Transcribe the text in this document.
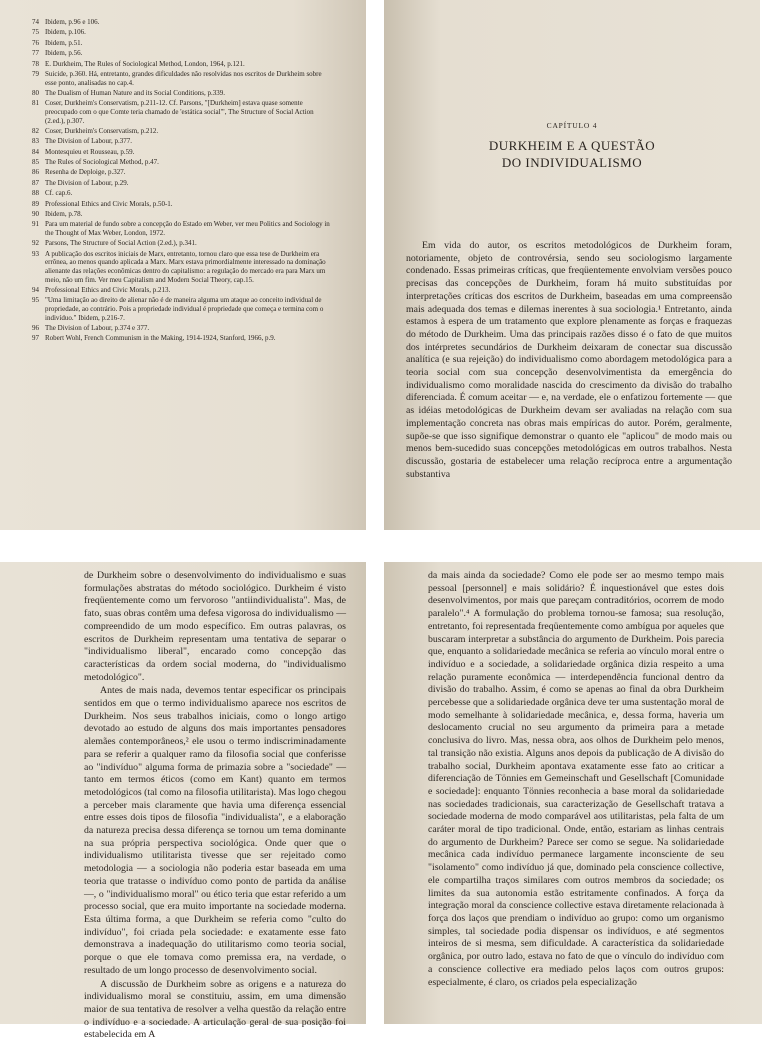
74 Ibidem, p.96 e 106.
75 Ibidem, p.106.
76 Ibidem, p.51.
77 Ibidem, p.56.
78 E. Durkheim, The Rules of Sociological Method, London, 1964, p.121.
79 Suicide, p.360. Há, entretanto, grandes dificuldades não resolvidas nos escritos de Durkheim sobre esse ponto, analisadas no cap.4.
80 The Dualism of Human Nature and its Social Conditions, p.339.
81 Coser, Durkheim's Conservatism, p.211-12. Cf. Parsons, "[Durkheim] estava quase somente preocupado com o que Comte teria chamado de 'estática social'", The Structure of Social Action (2.ed.), p.307.
82 Coser, Durkheim's Conservatism, p.212.
83 The Division of Labour, p.377.
84 Montesquieu et Rousseau, p.59.
85 The Rules of Sociological Method, p.47.
86 Resenha de Deploige, p.327.
87 The Division of Labour, p.29.
88 Cf. cap.6.
89 Professional Ethics and Civic Morals, p.50-1.
90 Ibidem, p.78.
91 Para um material de fundo sobre a concepção do Estado em Weber, ver meu Politics and Sociology in the Thought of Max Weber, London, 1972.
92 Parsons, The Structure of Social Action (2.ed.), p.341.
93 A publicação dos escritos iniciais de Marx, entretanto, tornou claro que essa tese de Durkheim era errônea, ao menos quando aplicada a Marx. Marx estava primordialmente interessado na dominação alienante das relações econômicas dentro do capitalismo: a regulação do mercado era para Marx um meio, não um fim. Ver meu Capitalism and Modern Social Theory, cap.15.
94 Professional Ethics and Civic Morals, p.213.
95 "Uma limitação ao direito de alienar não é de maneira alguma um ataque ao conceito individual de propriedade, ao contrário. Pois a propriedade individual é propriedade que começa e termina com o indivíduo." Ibidem, p.216-7.
96 The Division of Labour, p.374 e 377.
97 Robert Wohl, French Communism in the Making, 1914-1924, Stanford, 1966, p.9.
CAPÍTULO 4
DURKHEIM E A QUESTÃO
DO INDIVIDUALISMO

Em vida do autor, os escritos metodológicos de Durkheim foram, notoriamente, objeto de controvérsia, sendo seu sociologismo largamente condenado. Essas primeiras críticas, que freqüentemente envolviam versões pouco precisas das concepções de Durkheim, foram há muito substituídas por interpretações críticas dos escritos de Durkheim, baseadas em uma compreensão mais adequada dos temas e dilemas inerentes à sua sociologia.¹ Entretanto, ainda estamos à espera de um tratamento que explore plenamente as forças e fraquezas do método de Durkheim. Uma das principais razões disso é o fato de que muitos dos intérpretes secundários de Durkheim deixaram de conectar sua discussão analítica (e sua rejeição) do individualismo como abordagem metodológica para a teoria social com sua concepção desenvolvimentista da emergência do individualismo como moralidade nascida do crescimento da divisão do trabalho diferenciada. É comum aceitar — e, na verdade, ele o enfatizou fortemente — que as idéias metodológicas de Durkheim devam ser avaliadas na relação com sua implementação concreta nas obras mais empíricas do autor. Porém, geralmente, supõe-se que isso signifique demonstrar o quanto ele "aplicou" de modo mais ou menos bem-sucedido suas concepções metodológicas em outros trabalhos. Nesta discussão, gostaria de estabelecer uma relação recíproca entre a argumentação substantiva

de Durkheim sobre o desenvolvimento do individualismo e suas formulações abstratas do método sociológico. Durkheim é visto freqüentemente como um fervoroso "antiindividualista". Mas, de fato, suas obras contêm uma defesa vigorosa do individualismo — compreendido de um modo específico. Em outras palavras, os escritos de Durkheim representam uma tentativa de separar o "individualismo liberal", encarado como concepção das características da ordem social moderna, do "individualismo metodológico".

Antes de mais nada, devemos tentar especificar os principais sentidos em que o termo individualismo aparece nos escritos de Durkheim. Nos seus trabalhos iniciais, como o longo artigo devotado ao estudo de alguns dos mais importantes pensadores alemães contemporâneos,² ele usou o termo indiscriminadamente para se referir a qualquer ramo da filosofia social que conferisse ao "indivíduo" alguma forma de primazia sobre a "sociedade" — tanto em termos éticos (como em Kant) quanto em termos metodológicos (tal como na filosofia utilitarista). Mas logo chegou a perceber mais claramente que havia uma diferença essencial entre esses dois tipos de filosofia "individualista", e a elaboração da natureza precisa dessa diferença se tornou um tema dominante na sua própria perspectiva sociológica. Onde quer que o individualismo utilitarista tivesse que ser rejeitado como metodologia — a sociologia não poderia estar baseada em uma teoria que tratasse o indivíduo como ponto de partida da análise —, o "individualismo moral" ou ético teria que estar referido a um processo social, que era muito importante na sociedade moderna. Esta última forma, a que Durkheim se referia como "culto do indivíduo", foi criada pela sociedade: e exatamente esse fato demonstrava a inadequação do utilitarismo como teoria social, porque o que ele tomava como premissa era, na verdade, o resultado de um longo processo de desenvolvimento social.

A discussão de Durkheim sobre as origens e a natureza do individualismo moral se constituiu, assim, em uma dimensão maior de sua tentativa de resolver a velha questão da relação entre o indivíduo e a sociedade. A articulação geral de sua posição foi estabelecida em A

da mais ainda da sociedade? Como ele pode ser ao mesmo tempo mais pessoal [personnel] e mais solidário? É inquestionável que estes dois desenvolvimentos, por mais que pareçam contraditórios, ocorrem de modo paralelo".⁴ A formulação do problema tornou-se famosa; sua resolução, entretanto, foi representada freqüentemente como ambígua por aqueles que buscaram interpretar a substância do argumento de Durkheim. Pois parecia que, enquanto a solidariedade mecânica se referia ao vínculo moral entre o indivíduo e a sociedade, a solidariedade orgânica dizia respeito a uma relação puramente econômica — interdependência funcional dentro da divisão do trabalho. Assim, é como se apenas ao final da obra Durkheim percebesse que a solidariedade orgânica deve ter uma sustentação moral de modo semelhante à solidariedade mecânica, e, dessa forma, haveria um deslocamento crucial no seu argumento da primeira para a metade conclusiva do livro. Mas, nessa obra, aos olhos de Durkheim pelo menos, tal transição não existia. Alguns anos depois da publicação de A divisão do trabalho social, Durkheim apontava exatamente esse fato ao criticar a diferenciação de Tönnies em Gemeinschaft und Gesellschaft [Comunidade e sociedade]: enquanto Tönnies reconhecia a base moral da solidariedade nas sociedades tradicionais, sua caracterização de Gesellschaft tratava a sociedade moderna de modo comparável aos utilitaristas, pela falta de um caráter moral de tipo tradicional. Onde, então, estariam as linhas centrais do argumento de Durkheim? Parece ser como se segue. Na solidariedade mecânica cada indivíduo permanece largamente inconsciente de seu "isolamento" como indivíduo já que, dominado pela conscience collective, ele compartilha traços similares com outros membros da sociedade; os limites da sua autonomia estão estritamente confinados. A força da integração moral da conscience collective estava diretamente relacionada à força dos laços que prendiam o indivíduo ao grupo: como um organismo simples, tal sociedade podia dispensar os indivíduos, e até segmentos inteiros de si mesma, sem dificuldade. A característica da solidariedade orgânica, por outro lado, estava no fato de que o vínculo do indivíduo com a conscience collective era mediado pelos laços com outros grupos: especialmente, é claro, os criados pela especialização
